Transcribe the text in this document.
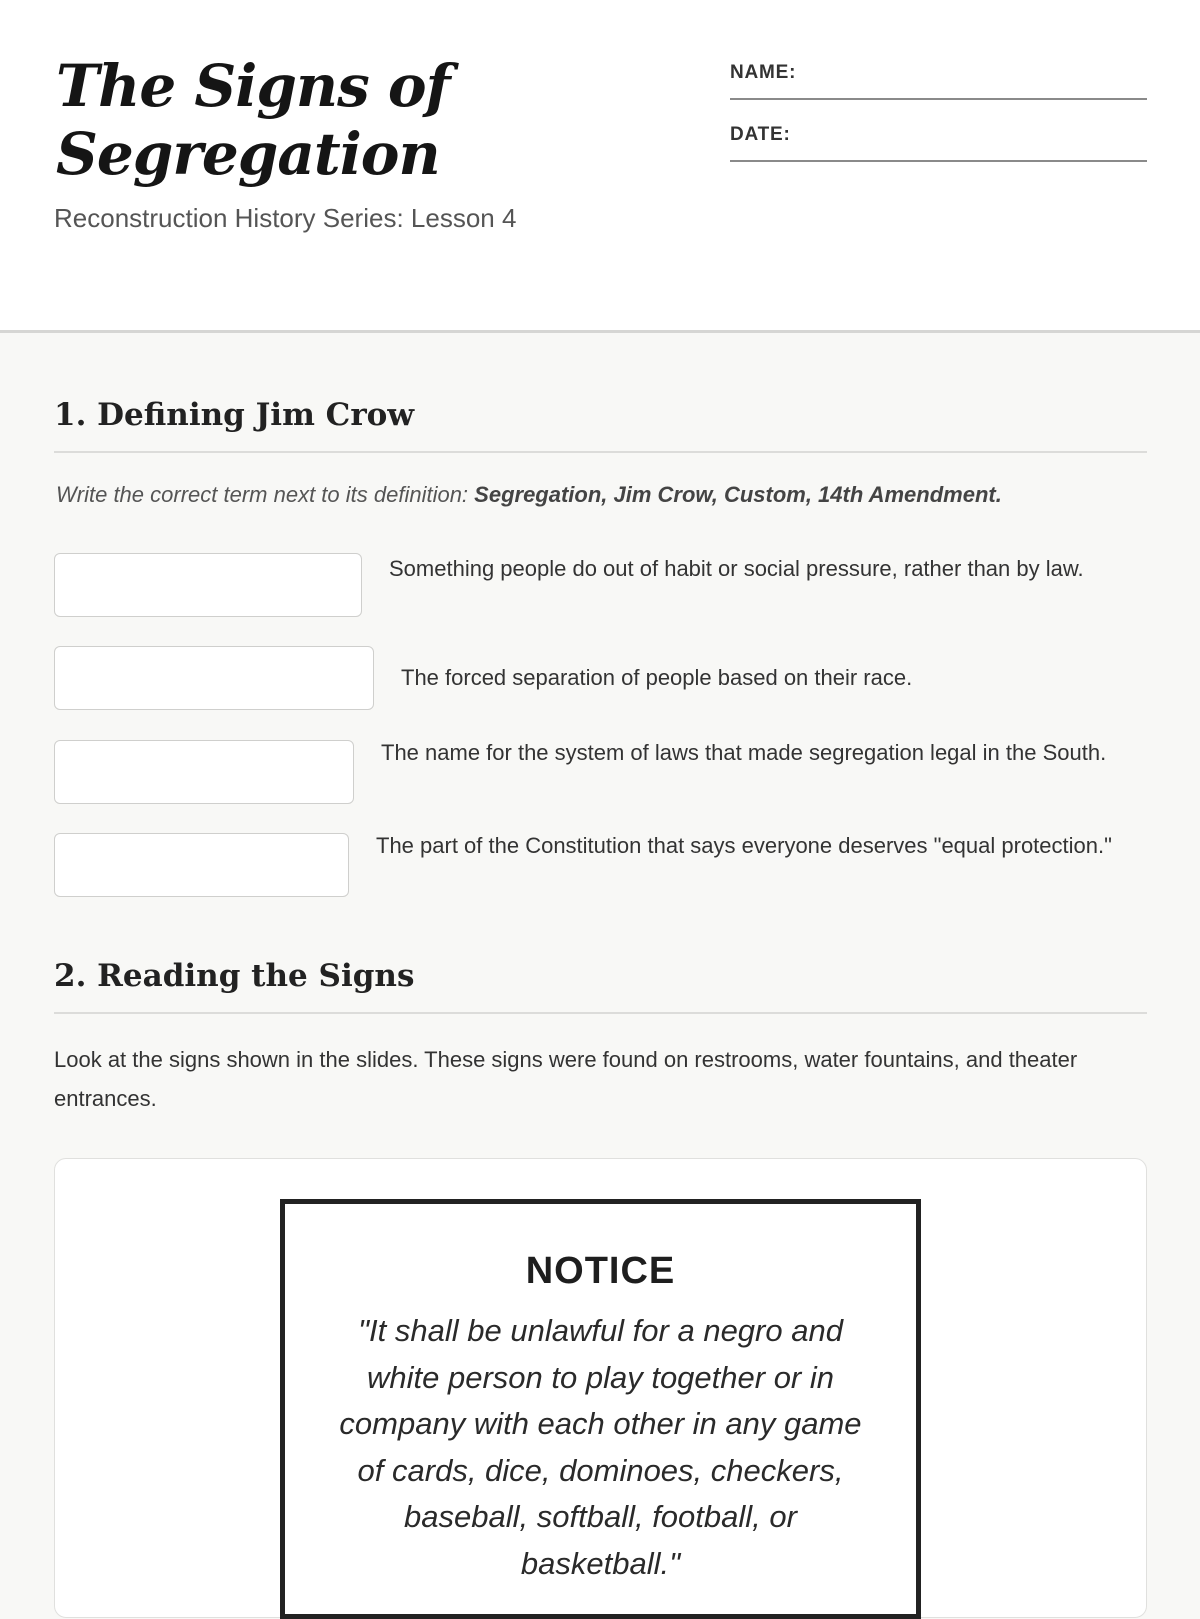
The Signs of Segregation
Reconstruction History Series: Lesson 4
NAME:
DATE:
1. Defining Jim Crow
Write the correct term next to its definition: Segregation, Jim Crow, Custom, 14th Amendment.
Something people do out of habit or social pressure, rather than by law.
The forced separation of people based on their race.
The name for the system of laws that made segregation legal in the South.
The part of the Constitution that says everyone deserves "equal protection."
2. Reading the Signs
Look at the signs shown in the slides. These signs were found on restrooms, water fountains, and theater entrances.
NOTICE
"It shall be unlawful for a negro and white person to play together or in company with each other in any game of cards, dice, dominoes, checkers, baseball, softball, football, or basketball."
